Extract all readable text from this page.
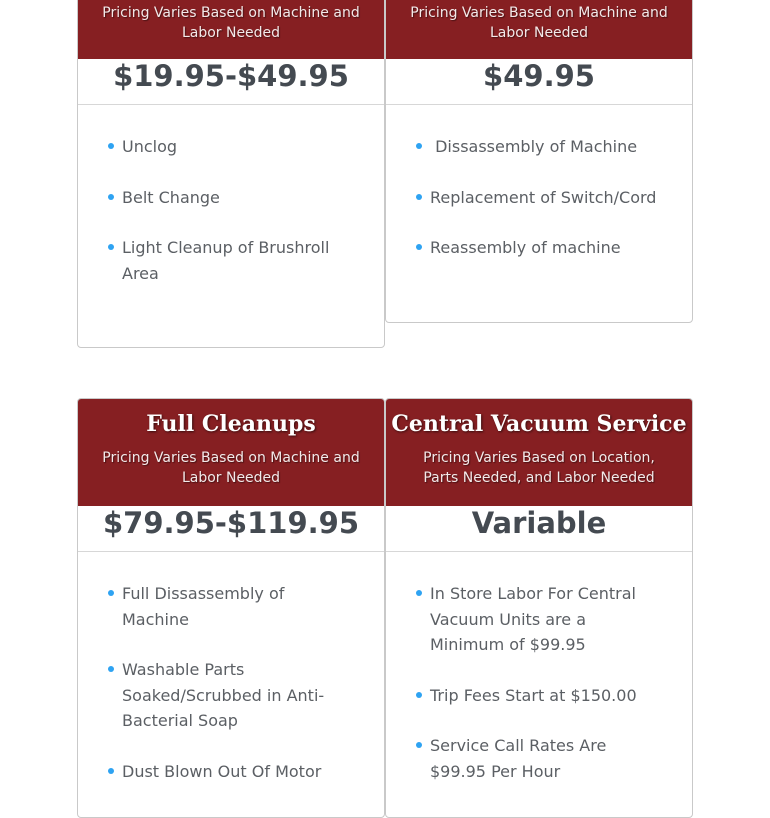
Pricing Varies Based on Machine and Labor Needed
$19.95-$49.95
Unclog
Belt Change
Light Cleanup of Brushroll Area
Pricing Varies Based on Machine and Labor Needed
$49.95
Dissassembly of Machine
Replacement of Switch/Cord
Reassembly of machine
Full Cleanups
Pricing Varies Based on Machine and Labor Needed
$79.95-$119.95
Full Dissassembly of Machine
Washable Parts Soaked/Scrubbed in Anti-Bacterial Soap
Dust Blown Out Of Motor
Central Vacuum Service
Pricing Varies Based on Location, Parts Needed, and Labor Needed
Variable
In Store Labor For Central Vacuum Units are a Minimum of $99.95
Trip Fees Start at $150.00
Service Call Rates Are $99.95 Per Hour
